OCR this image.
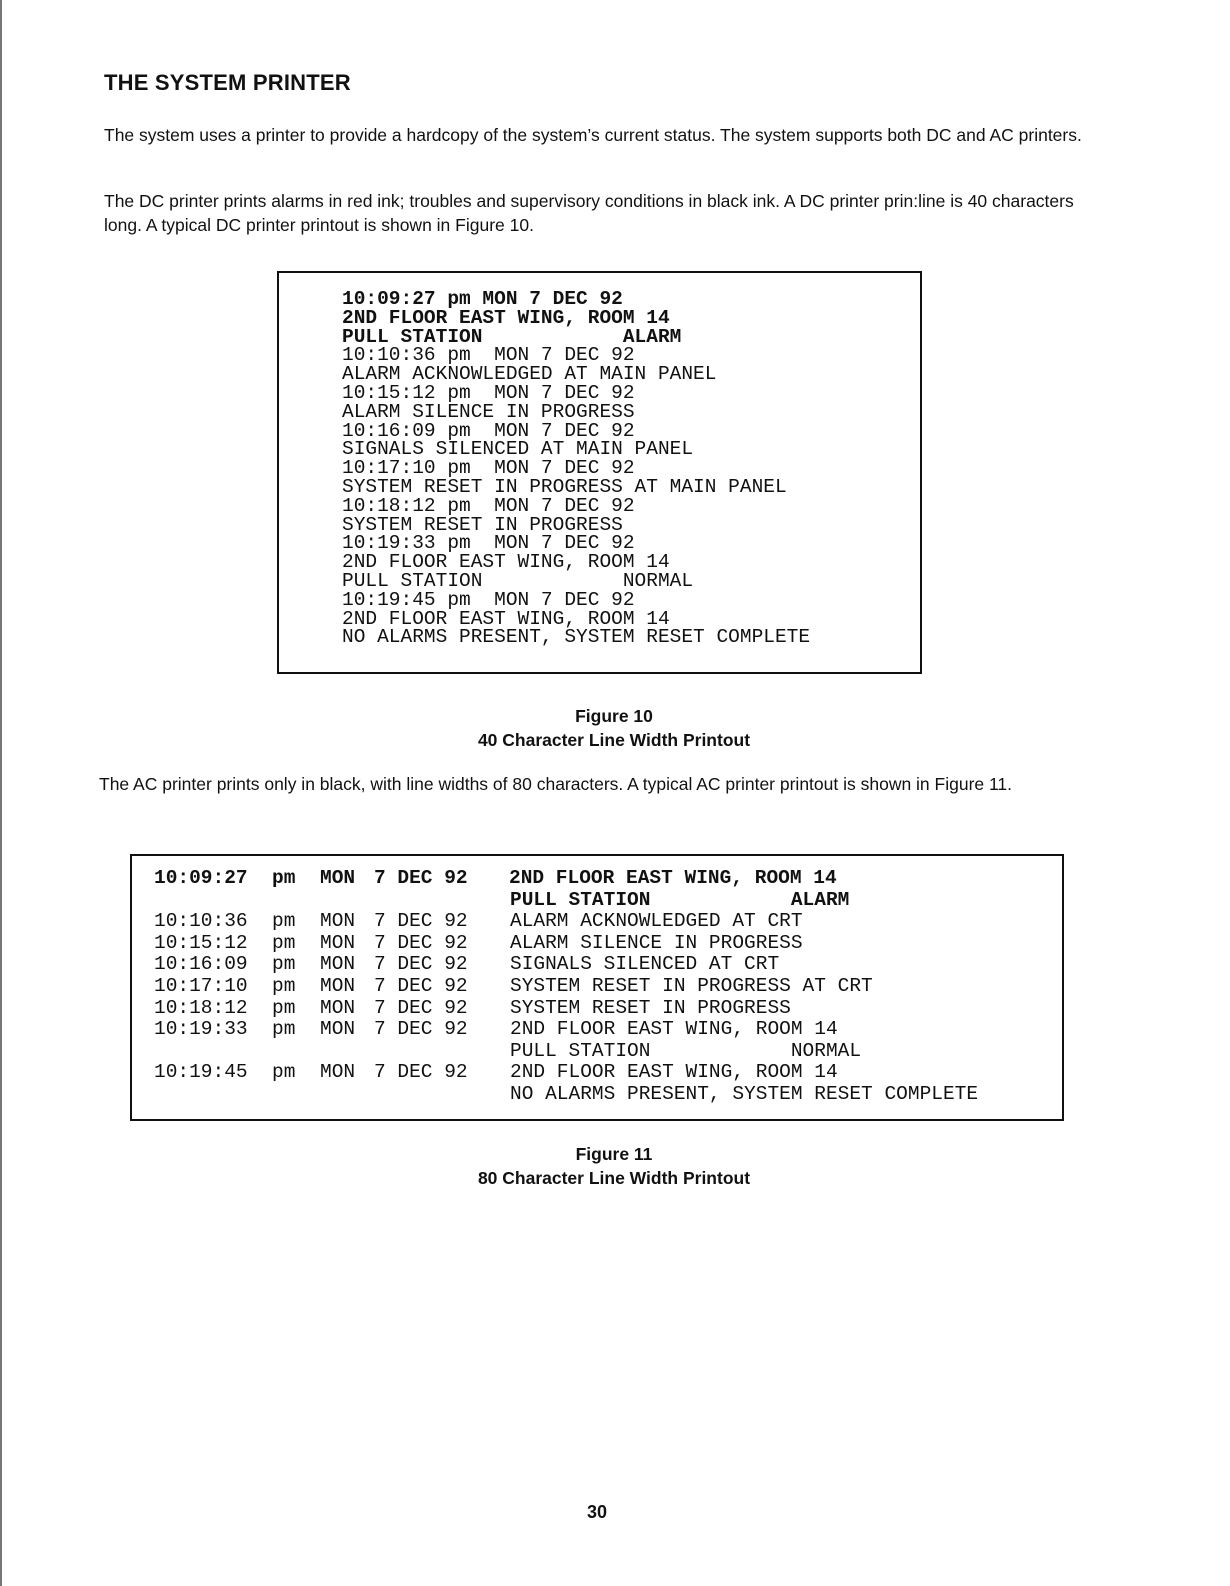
THE SYSTEM PRINTER

The system uses a printer to provide a hardcopy of the system’s current status. The system supports both DC and AC printers.

The DC printer prints alarms in red ink; troubles and supervisory conditions in black ink. A DC printer prin:line is 40 characters long. A typical DC printer printout is shown in Figure 10.

10:09:27 pm MON 7 DEC 92
2ND FLOOR EAST WING, ROOM 14
PULL STATION            ALARM
10:10:36 pm  MON 7 DEC 92
ALARM ACKNOWLEDGED AT MAIN PANEL
10:15:12 pm  MON 7 DEC 92
ALARM SILENCE IN PROGRESS
10:16:09 pm  MON 7 DEC 92
SIGNALS SILENCED AT MAIN PANEL
10:17:10 pm  MON 7 DEC 92
SYSTEM RESET IN PROGRESS AT MAIN PANEL
10:18:12 pm  MON 7 DEC 92
SYSTEM RESET IN PROGRESS
10:19:33 pm  MON 7 DEC 92
2ND FLOOR EAST WING, ROOM 14
PULL STATION            NORMAL
10:19:45 pm  MON 7 DEC 92
2ND FLOOR EAST WING, ROOM 14
NO ALARMS PRESENT, SYSTEM RESET COMPLETE
Figure 10
40 Character Line Width Printout

The AC printer prints only in black, with line widths of 80 characters. A typical AC printer printout is shown in Figure 11.

10:09:27 pm MON 7 DEC 92 2ND FLOOR EAST WING, ROOM 14
PULL STATION            ALARM
10:10:36 pm MON 7 DEC 92 ALARM ACKNOWLEDGED AT CRT
10:15:12 pm MON 7 DEC 92 ALARM SILENCE IN PROGRESS
10:16:09 pm MON 7 DEC 92 SIGNALS SILENCED AT CRT
10:17:10 pm MON 7 DEC 92 SYSTEM RESET IN PROGRESS AT CRT
10:18:12 pm MON 7 DEC 92 SYSTEM RESET IN PROGRESS
10:19:33 pm MON 7 DEC 92 2ND FLOOR EAST WING, ROOM 14
PULL STATION            NORMAL
10:19:45 pm MON 7 DEC 92 2ND FLOOR EAST WING, ROOM 14
NO ALARMS PRESENT, SYSTEM RESET COMPLETE
Figure 11
80 Character Line Width Printout
30
